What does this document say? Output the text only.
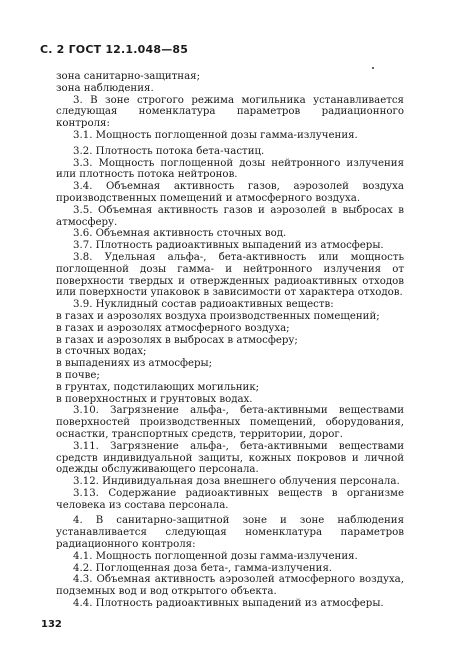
С. 2 ГОСТ 12.1.048—85

зона санитарно-защитная;

зона наблюдения.

3. В зоне строгого режима могильника устанавливается следующая номенклатура параметров радиационного контроля:

3.1. Мощность поглощенной дозы гамма-излучения.

3.2. Плотность потока бета-частиц.

3.3. Мощность поглощенной дозы нейтронного излучения или плотность потока нейтронов.

3.4. Объемная активность газов, аэрозолей воздуха производственных помещений и атмосферного воздуха.

3.5. Объемная активность газов и аэрозолей в выбросах в атмосферу.

3.6. Объемная активность сточных вод.

3.7. Плотность радиоактивных выпадений из атмосферы.

3.8. Удельная альфа-, бета-активность или мощность поглощенной дозы гамма- и нейтронного излучения от поверхности твердых и отвержденных радиоактивных отходов или поверхности упаковок в зависимости от характера отходов.

3.9. Нуклидный состав радиоактивных веществ:

в газах и аэрозолях воздуха производственных помещений;

в газах и аэрозолях атмосферного воздуха;

в газах и аэрозолях в выбросах в атмосферу;

в сточных водах;

в выпадениях из атмосферы;

в почве;

в грунтах, подстилающих могильник;

в поверхностных и грунтовых водах.

3.10. Загрязнение альфа-, бета-активными веществами поверхностей производственных помещений, оборудования, оснастки, транспортных средств, территории, дорог.

3.11. Загрязнение альфа-, бета-активными веществами средств индивидуальной защиты, кожных покровов и личной одежды обслуживающего персонала.

3.12. Индивидуальная доза внешнего облучения персонала.

3.13. Содержание радиоактивных веществ в организме человека из состава персонала.

4. В санитарно-защитной зоне и зоне наблюдения устанавливается следующая номенклатура параметров радиационного контроля:

4.1. Мощность поглощенной дозы гамма-излучения.

4.2. Поглощенная доза бета-, гамма-излучения.

4.3. Объемная активность аэрозолей атмосферного воздуха, подземных вод и вод открытого объекта.

4.4. Плотность радиоактивных выпадений из атмосферы.

132
